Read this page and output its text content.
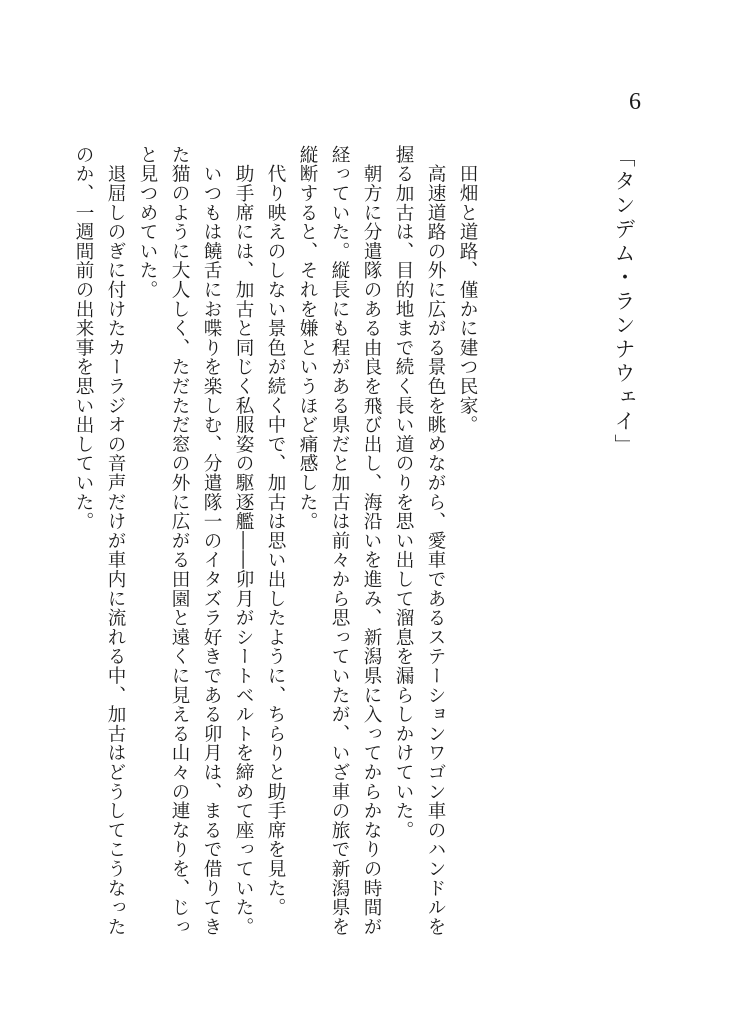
6
「タンデム・ランナウェイ」
　田畑と道路、僅かに建つ民家。
　高速道路の外に広がる景色を眺めながら、愛車であるステーションワゴン車のハンドルを
握る加古は、目的地まで続く長い道のりを思い出して溜息を漏らしかけていた。
　朝方に分遣隊のある由良を飛び出し、海沿いを進み、新潟県に入ってからかなりの時間が
経っていた。縦長にも程がある県だと加古は前々から思っていたが、いざ車の旅で新潟県を
縦断すると、それを嫌というほど痛感した。
　代り映えのしない景色が続く中で、加古は思い出したように、ちらりと助手席を見た。
　助手席には、加古と同じく私服姿の駆逐艦――卯月がシートベルトを締めて座っていた。
　いつもは饒舌にお喋りを楽しむ、分遣隊一のイタズラ好きである卯月は、まるで借りてき
た猫のように大人しく、ただただ窓の外に広がる田園と遠くに見える山々の連なりを、じっ
と見つめていた。
　退屈しのぎに付けたカーラジオの音声だけが車内に流れる中、加古はどうしてこうなった
のか、一週間前の出来事を思い出していた。
